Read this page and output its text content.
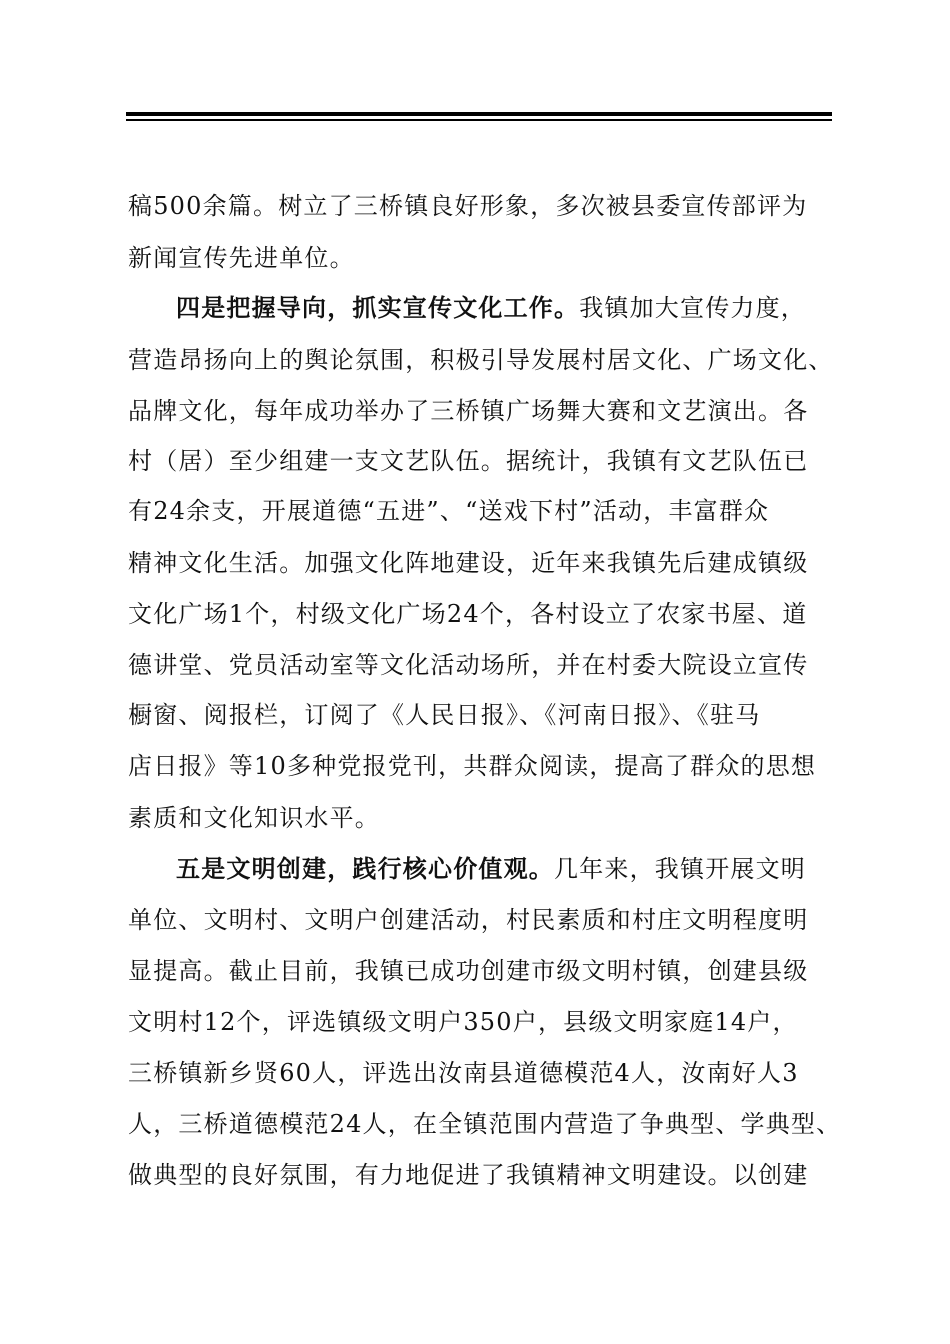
稿500余篇。树立了三桥镇良好形象，多次被县委宣传部评为
新闻宣传先进单位。
四是把握导向，抓实宣传文化工作。我镇加大宣传力度，
营造昂扬向上的舆论氛围，积极引导发展村居文化、广场文化、
品牌文化，每年成功举办了三桥镇广场舞大赛和文艺演出。各
村（居）至少组建一支文艺队伍。据统计，我镇有文艺队伍已
有24余支，开展道德“五进”、“送戏下村”活动，丰富群众
精神文化生活。加强文化阵地建设，近年来我镇先后建成镇级
文化广场1个，村级文化广场24个，各村设立了农家书屋、道
德讲堂、党员活动室等文化活动场所，并在村委大院设立宣传
橱窗、阅报栏，订阅了《人民日报》、《河南日报》、《驻马
店日报》等10多种党报党刊，共群众阅读，提高了群众的思想
素质和文化知识水平。
五是文明创建，践行核心价值观。几年来，我镇开展文明
单位、文明村、文明户创建活动，村民素质和村庄文明程度明
显提高。截止目前，我镇已成功创建市级文明村镇，创建县级
文明村12个，评选镇级文明户350户，县级文明家庭14户，
三桥镇新乡贤60人，评选出汝南县道德模范4人，汝南好人3
人，三桥道德模范24人，在全镇范围内营造了争典型、学典型、
做典型的良好氛围，有力地促进了我镇精神文明建设。以创建
